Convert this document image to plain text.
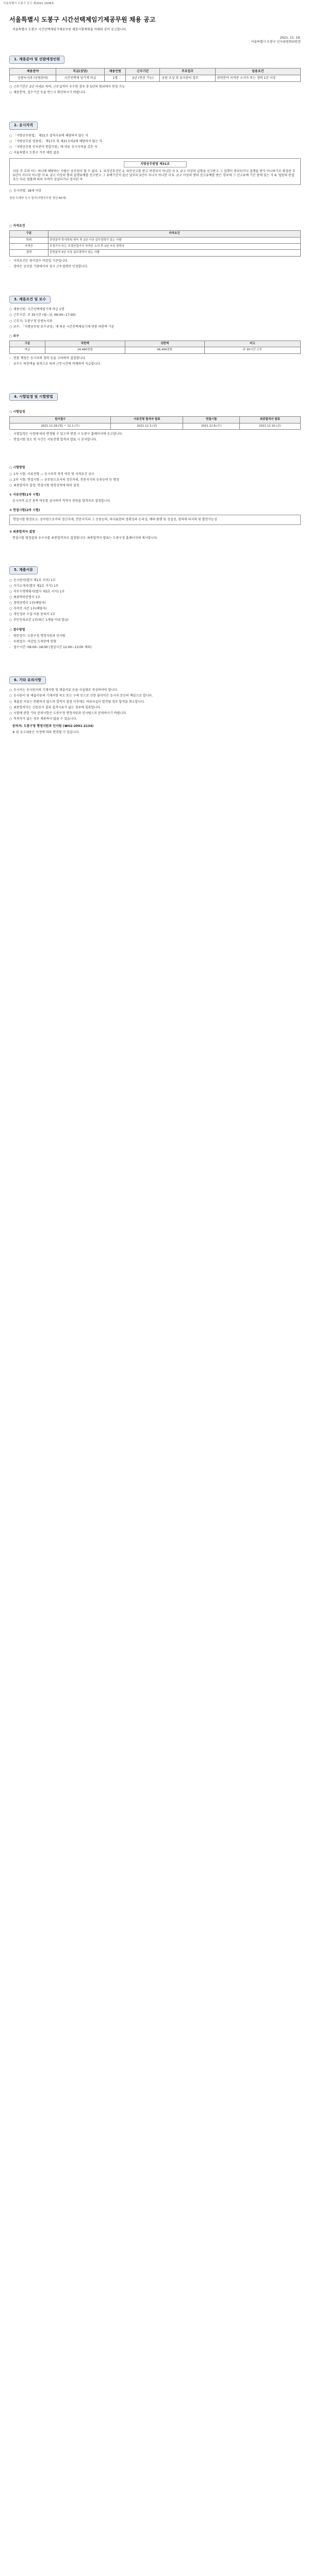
서울특별시 도봉구 공고 제2021-1938호
서울특별시 도봉구 시간선택제임기제공무원 채용 공고

서울특별시 도봉구 시간선택제임기제공무원 채용시험계획을 아래와 같이 공고합니다.

2021. 11. 19.
서울특별시 도봉구 인사위원회위원장
1. 채용분야 및 선발예정인원
채용분야	직급(상당)	채용인원	근무기간	주요업무	임용요건
공원녹지과 (공원관리)	시간선택제 임기제 마급	1명	2년 (연장 가능)	공원 조성 및 유지관리 업무	관련분야 자격증 소지자 또는 경력 1년 이상
○ 근무기간은 2년 이내로 하며, 근무실적이 우수한 경우 총 5년의 범위에서 연장 가능
○ 채용분야, 접수기간 등을 반드시 확인하시기 바랍니다.
2. 응시자격
○ 「지방공무원법」 제31조 결격사유에 해당하지 않는 자
○ 「지방공무원 임용령」 제17조 및 제21조의2에 해당하지 않는 자
○ 「지방공무원 인사분야 통합지침」에 따른 응시자격을 갖춘 자
○ 서울특별시 도봉구 거주 제한 없음
지방공무원법 제31조
다음 각 호의 어느 하나에 해당하는 사람은 공무원이 될 수 없다. 1. 피성년후견인 2. 파산선고를 받고 복권되지 아니한 자 3. 금고 이상의 실형을 선고받고 그 집행이 종료되거나 집행을 받지 아니하기로 확정된 후 5년이 지나지 아니한 자 4. 금고 이상의 형의 집행유예를 선고받고 그 유예기간이 끝난 날부터 2년이 지나지 아니한 자 5. 금고 이상의 형의 선고유예를 받은 경우에 그 선고유예 기간 중에 있는 자 6. 법원의 판결 또는 다른 법률에 따라 자격이 상실되거나 정지된 자
○ 응시연령: 18세 이상
정년 도래자 응시 불가(지방공무원 정년 60세)
○ 자격요건
구분	자격요건
학위	관련분야 학사학위 취득 후 1년 이상 실무경력이 있는 사람
자격증	조경기사 또는 조경산업기사 자격증 소지 후 1년 이상 경력자
경력	관련분야 3년 이상 실무경력이 있는 사람
- 자격요건은 원서접수 마감일 기준입니다.
- 경력은 공인된 기관에서의 상시 근무경력만 인정합니다.
3. 채용조건 및 보수
○ 채용인원: 시간선택제임기제 마급 1명
○ 근무시간: 주 35시간 (월~금, 09:00~17:00)
○ 근무지: 도봉구청 공원녹지과
○ 보수: 「지방공무원 보수규정」에 따른 시간선택제임기제 연봉 하한액 기준
○ 보수
구분	하한액	상한액	비고
마급	24,480천원	36,456천원	주 35시간 근무
- 연봉 책정은 응시자의 경력 등을 고려하여 결정합니다.
- 보수는 하한액을 원칙으로 하며 근무시간에 비례하여 지급합니다.
4. 시험일정 및 시험방법
○ 시험일정
원서접수	서류전형 합격자 발표	면접시험	최종합격자 발표
2021.11.29.(월) ~ 12.1.(수)	2021.12.3.(금)	2021.12.8.(수)	2021.12.10.(금)
- 시험일정은 사정에 따라 변경될 수 있으며 변경 시 도봉구 홈페이지에 공고합니다.
- 면접시험 장소 및 시간은 서류전형 합격자 발표 시 공지합니다.
○ 시험방법
○ 1차 시험: 서류전형 — 응시자격 적격 여부 및 자격요건 심사
○ 2차 시험: 면접시험 — 공무원으로서의 정신자세, 전문지식과 응용능력 등 평정
○ 최종합격자 결정: 면접시험 평정성적에 따라 결정
① 서류전형(1차 시험)

응시자격 요건 충족 여부를 심사하여 적격자 전원을 합격자로 결정합니다.

② 면접시험(2차 시험)
면접시험 평정요소: 공무원으로서의 정신자세, 전문지식과 그 응용능력, 의사표현의 정확성과 논리성, 예의·품행 및 성실성, 창의력·의지력 및 발전가능성
③ 최종합격자 결정

면접시험 평정결과 우수자를 최종합격자로 결정합니다. 최종합격자 발표는 도봉구청 홈페이지에 게시합니다.

5. 제출서류
○ 응시원서(별지 제1호 서식) 1부
○ 자기소개서(별지 제2호 서식) 1부
○ 직무수행계획서(별지 제3호 서식) 1부
○ 최종학력증명서 1부
○ 경력증명서 1부(해당자)
○ 자격증 사본 1부(해당자)
○ 개인정보 수집·이용 동의서 1부
○ 주민등록초본 1부(최근 1개월 이내 발급)
○ 접수방법
- 방문접수: 도봉구청 행정지원과 인사팀
- 우편접수: 마감일 도착분에 한함
- 접수시간: 09:00~18:00 (점심시간 12:00~13:00 제외)
6. 기타 유의사항
○ 응시자는 응시원서의 기재사항 및 제출서류 등을 사실대로 작성하여야 합니다.
○ 응시원서 및 제출서류의 기재사항 착오 또는 누락 등으로 인한 불이익은 응시자 본인의 책임으로 합니다.
○ 제출된 서류는 반환하지 않으며 합격자 결정 이후에도 허위사실이 발견될 경우 합격을 취소합니다.
○ 최종합격자는 신원조사 결과 결격사유가 없는 경우에 임용합니다.
○ 시험에 관한 기타 문의사항은 도봉구청 행정지원과 인사팀으로 문의하시기 바랍니다.
○ 적격자가 없는 경우 채용하지 않을 수 있습니다.

문의처: 도봉구청 행정지원과 인사팀 (☎02-2091-2134)

※ 위 공고내용은 사정에 따라 변경될 수 있습니다.
